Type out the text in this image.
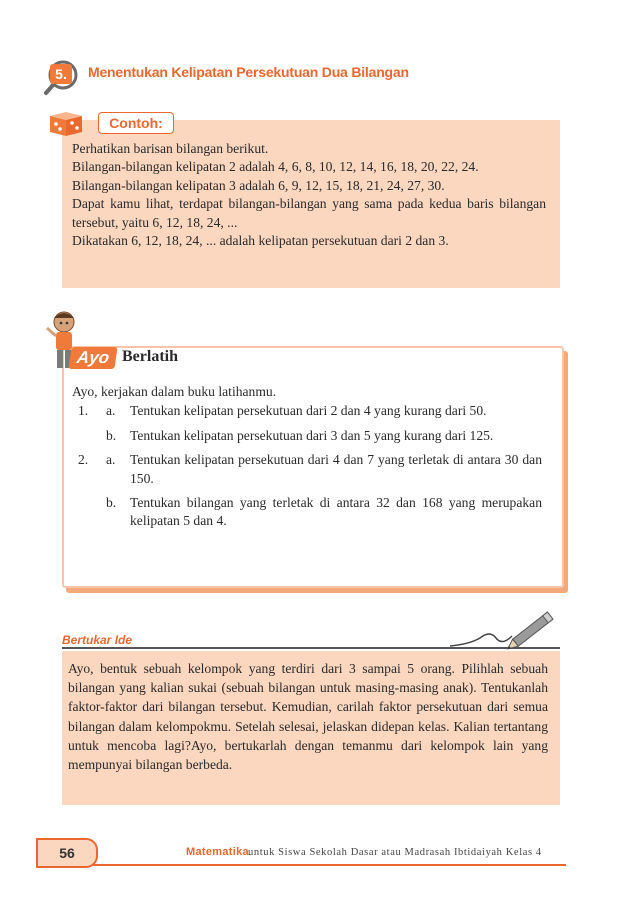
5.	Menentukan Kelipatan Persekutuan Dua Bilangan
Contoh:

Perhatikan barisan bilangan berikut.

Bilangan-bilangan kelipatan 2 adalah 4, 6, 8, 10, 12, 14, 16, 18, 20, 22, 24.

Bilangan-bilangan kelipatan 3 adalah 6, 9, 12, 15, 18, 21, 24, 27, 30.

Dapat kamu lihat, terdapat bilangan-bilangan yang sama pada kedua baris bilangan tersebut, yaitu 6, 12, 18, 24, ...

Dikatakan 6, 12, 18, 24, ... adalah kelipatan persekutuan dari 2 dan 3.

Ayo Berlatih
Ayo, kerjakan dalam buku latihanmu.
1. a. Tentukan kelipatan persekutuan dari 2 dan 4 yang kurang dari 50.
b. Tentukan kelipatan persekutuan dari 3 dan 5 yang kurang dari 125.
2. a. Tentukan kelipatan persekutuan dari 4 dan 7 yang terletak di antara 30 dan 150.
b. Tentukan bilangan yang terletak di antara 32 dan 168 yang merupakan kelipatan 5 dan 4.
Bertukar Ide
Ayo, bentuk sebuah kelompok yang terdiri dari 3 sampai 5 orang. Pilihlah sebuah bilangan yang kalian sukai (sebuah bilangan untuk masing-masing anak). Tentukanlah faktor-faktor dari bilangan tersebut. Kemudian, carilah faktor persekutuan dari semua bilangan dalam kelompokmu. Setelah selesai, jelaskan didepan kelas. Kalian tertantang untuk mencoba lagi?Ayo, bertukarlah dengan temanmu dari kelompok lain yang mempunyai bilangan berbeda.
56	Matematika untuk Siswa Sekolah Dasar atau Madrasah Ibtidaiyah Kelas 4
